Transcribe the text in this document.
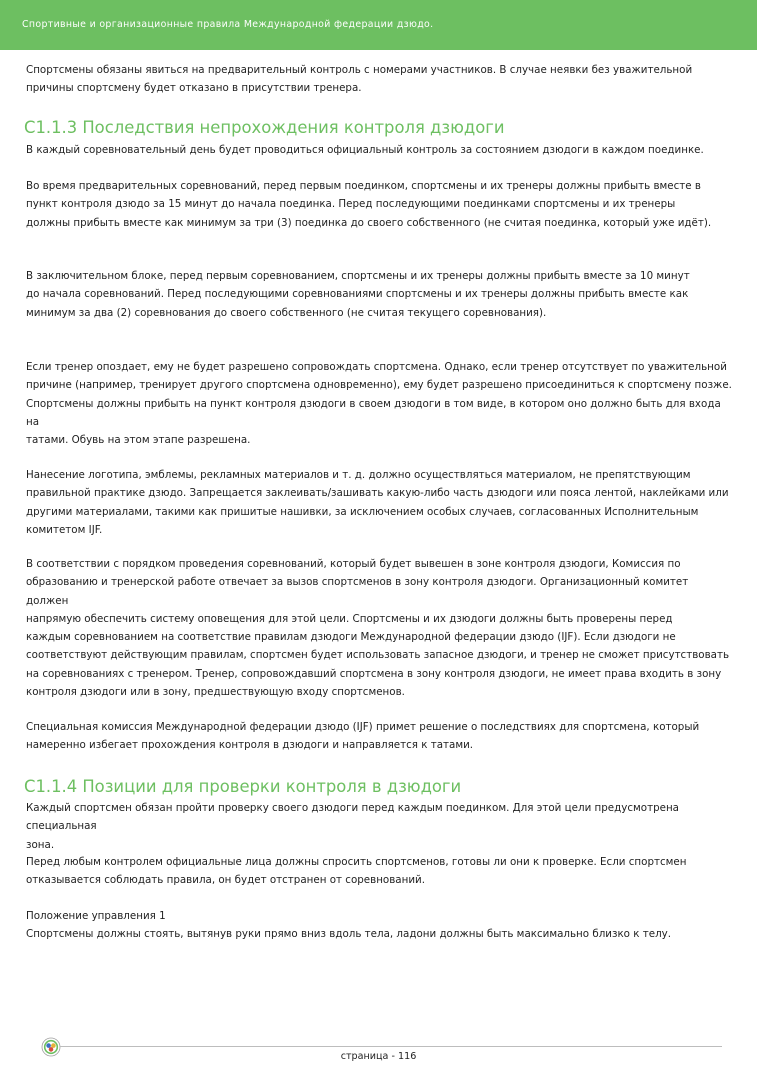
Спортивные и организационные правила Международной федерации дзюдо.

Спортсмены обязаны явиться на предварительный контроль с номерами участников. В случае неявки без уважительной
причины спортсмену будет отказано в присутствии тренера.

C1.1.3 Последствия непрохождения контроля дзюдоги

В каждый соревновательный день будет проводиться официальный контроль за состоянием дзюдоги в каждом поединке.

Во время предварительных соревнований, перед первым поединком, спортсмены и их тренеры должны прибыть вместе в
пункт контроля дзюдо за 15 минут до начала поединка. Перед последующими поединками спортсмены и их тренеры
должны прибыть вместе как минимум за три (3) поединка до своего собственного (не считая поединка, который уже идёт).

В заключительном блоке, перед первым соревнованием, спортсмены и их тренеры должны прибыть вместе за 10 минут
до начала соревнований. Перед последующими соревнованиями спортсмены и их тренеры должны прибыть вместе как
минимум за два (2) соревнования до своего собственного (не считая текущего соревнования).

Если тренер опоздает, ему не будет разрешено сопровождать спортсмена. Однако, если тренер отсутствует по уважительной
причине (например, тренирует другого спортсмена одновременно), ему будет разрешено присоединиться к спортсмену позже.
Спортсмены должны прибыть на пункт контроля дзюдоги в своем дзюдоги в том виде, в котором оно должно быть для входа на
татами. Обувь на этом этапе разрешена.

Нанесение логотипа, эмблемы, рекламных материалов и т. д. должно осуществляться материалом, не препятствующим
правильной практике дзюдо. Запрещается заклеивать/зашивать какую-либо часть дзюдоги или пояса лентой, наклейками или
другими материалами, такими как пришитые нашивки, за исключением особых случаев, согласованных Исполнительным
комитетом IJF.

В соответствии с порядком проведения соревнований, который будет вывешен в зоне контроля дзюдоги, Комиссия по
образованию и тренерской работе отвечает за вызов спортсменов в зону контроля дзюдоги. Организационный комитет должен
напрямую обеспечить систему оповещения для этой цели. Спортсмены и их дзюдоги должны быть проверены перед
каждым соревнованием на соответствие правилам дзюдоги Международной федерации дзюдо (IJF). Если дзюдоги не
соответствуют действующим правилам, спортсмен будет использовать запасное дзюдоги, и тренер не сможет присутствовать
на соревнованиях с тренером. Тренер, сопровождавший спортсмена в зону контроля дзюдоги, не имеет права входить в зону
контроля дзюдоги или в зону, предшествующую входу спортсменов.

Специальная комиссия Международной федерации дзюдо (IJF) примет решение о последствиях для спортсмена, который
намеренно избегает прохождения контроля в дзюдоги и направляется к татами.

C1.1.4 Позиции для проверки контроля в дзюдоги

Каждый спортсмен обязан пройти проверку своего дзюдоги перед каждым поединком. Для этой цели предусмотрена специальная
зона.

Перед любым контролем официальные лица должны спросить спортсменов, готовы ли они к проверке. Если спортсмен
отказывается соблюдать правила, он будет отстранен от соревнований.

Положение управления 1

Спортсмены должны стоять, вытянув руки прямо вниз вдоль тела, ладони должны быть максимально близко к телу.

страница - 116
